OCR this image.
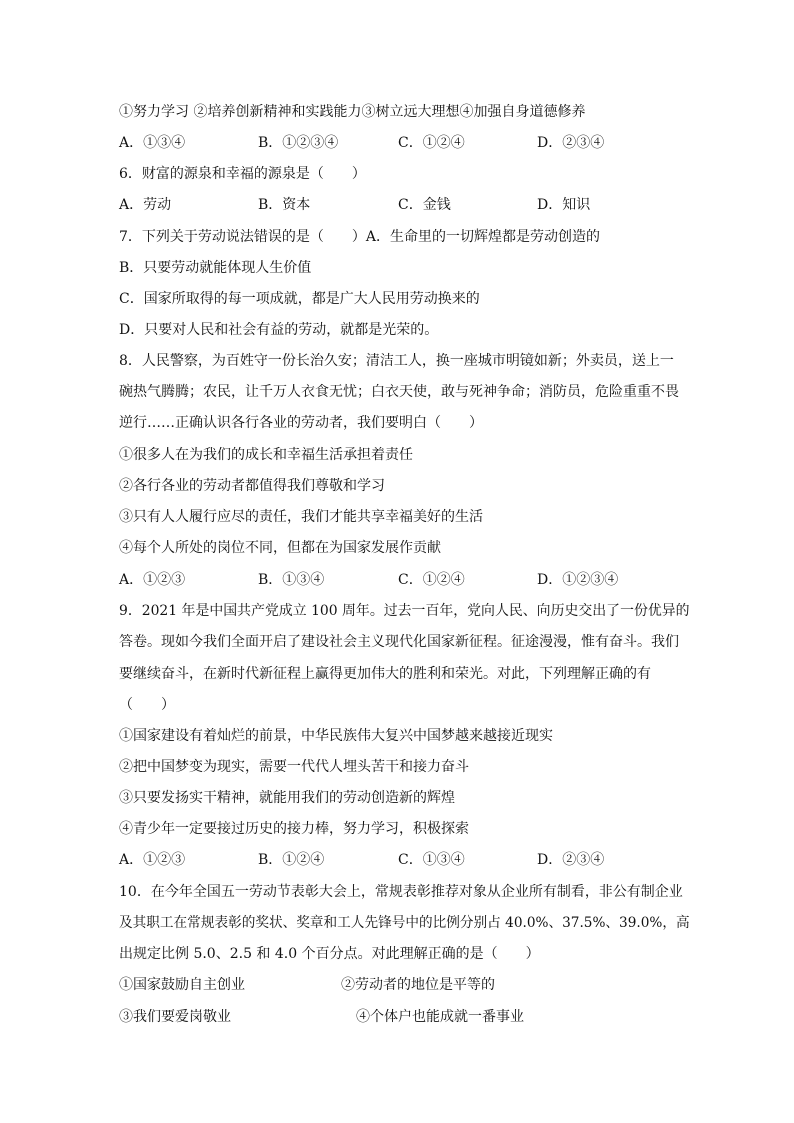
①努力学习 ②培养创新精神和实践能力③树立远大理想④加强自身道德修养
A．①③④	B．①②③④	C．①②④	D．②③④
6．财富的源泉和幸福的源泉是（　　）
A．劳动	B．资本	C．金钱	D．知识
7．下列关于劳动说法错误的是（　　）A．生命里的一切辉煌都是劳动创造的
B．只要劳动就能体现人生价值
C．国家所取得的每一项成就，都是广大人民用劳动换来的
D．只要对人民和社会有益的劳动，就都是光荣的。
8．人民警察，为百姓守一份长治久安；清洁工人，换一座城市明镜如新；外卖员，送上一
碗热气腾腾；农民，让千万人衣食无忧；白衣天使，敢与死神争命；消防员，危险重重不畏
逆行……正确认识各行各业的劳动者，我们要明白（　　）
①很多人在为我们的成长和幸福生活承担着责任
②各行各业的劳动者都值得我们尊敬和学习
③只有人人履行应尽的责任，我们才能共享幸福美好的生活
④每个人所处的岗位不同，但都在为国家发展作贡献
A．①②③	B．①③④	C．①②④	D．①②③④
9．2021 年是中国共产党成立 100 周年。过去一百年，党向人民、向历史交出了一份优异的
答卷。现如今我们全面开启了建设社会主义现代化国家新征程。征途漫漫，惟有奋斗。我们
要继续奋斗，在新时代新征程上赢得更加伟大的胜利和荣光。对此，下列理解正确的有
（　　）
①国家建设有着灿烂的前景，中华民族伟大复兴中国梦越来越接近现实
②把中国梦变为现实，需要一代代人埋头苦干和接力奋斗
③只要发扬实干精神，就能用我们的劳动创造新的辉煌
④青少年一定要接过历史的接力棒，努力学习，积极探索
A．①②③	B．①②④	C．①③④	D．②③④
10．在今年全国五一劳动节表彰大会上，常规表彰推荐对象从企业所有制看，非公有制企业
及其职工在常规表彰的奖状、奖章和工人先锋号中的比例分别占 40.0%、37.5%、39.0%，高
出规定比例 5.0、2.5 和 4.0 个百分点。对此理解正确的是（　　）
①国家鼓励自主创业	②劳动者的地位是平等的
③我们要爱岗敬业	④个体户也能成就一番事业
